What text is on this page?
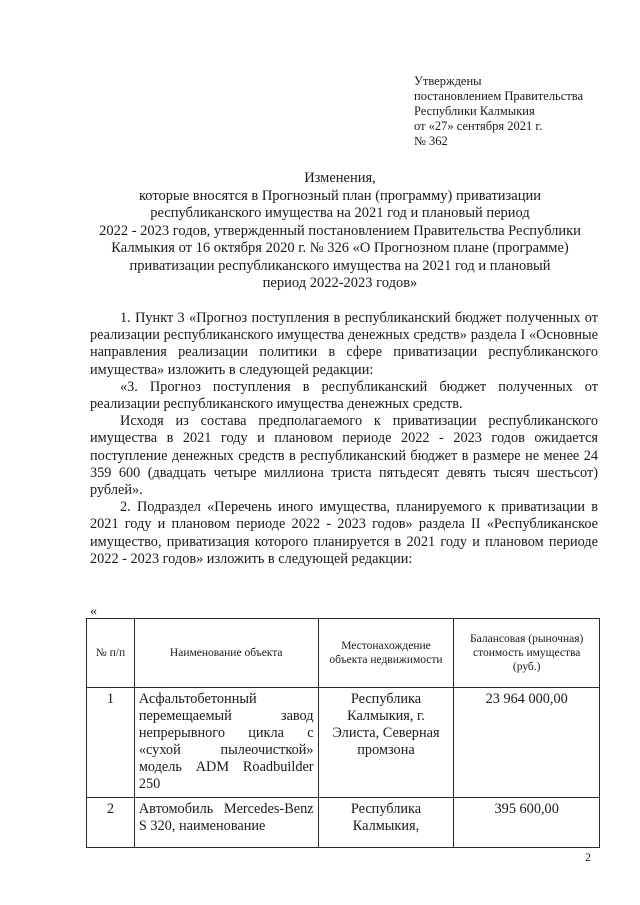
Утверждены
постановлением Правительства
Республики Калмыкия
от «27» сентября 2021 г.
№ 362
Изменения,
которые вносятся в Прогнозный план (программу) приватизации
республиканского имущества на 2021 год и плановый период
2022 - 2023 годов, утвержденный постановлением Правительства Республики
Калмыкия от 16 октября 2020 г. № 326 «О Прогнозном плане (программе)
приватизации республиканского имущества на 2021 год и плановый
период 2022-2023 годов»

1. Пункт 3 «Прогноз поступления в республиканский бюджет полученных от реализации республиканского имущества денежных средств» раздела I «Основные направления реализации политики в сфере приватизации республиканского имущества» изложить в следующей редакции:

«3. Прогноз поступления в республиканский бюджет полученных от реализации республиканского имущества денежных средств.

Исходя из состава предполагаемого к приватизации республиканского имущества в 2021 году и плановом периоде 2022 - 2023 годов ожидается поступление денежных средств в республиканский бюджет в размере не менее 24 359 600 (двадцать четыре миллиона триста пятьдесят девять тысяч шестьсот) рублей».

2. Подраздел «Перечень иного имущества, планируемого к приватизации в 2021 году и плановом периоде 2022 - 2023 годов» раздела II «Республиканское имущество, приватизация которого планируется в 2021 году и плановом периоде 2022 - 2023 годов» изложить в следующей редакции:

«
№ п/п	Наименование объекта	Местонахождение объекта недвижимости	Балансовая (рыночная) стоимость имущества (руб.)
1	Асфальтобетонный перемещаемый завод непрерывного цикла с «сухой пылеочисткой» модель ADM Roadbuilder 250	Республика Калмыкия, г. Элиста, Северная промзона	23 964 000,00
2	Автомобиль Mercedes-Benz S 320, наименование	Республика Калмыкия,	395 600,00
2
